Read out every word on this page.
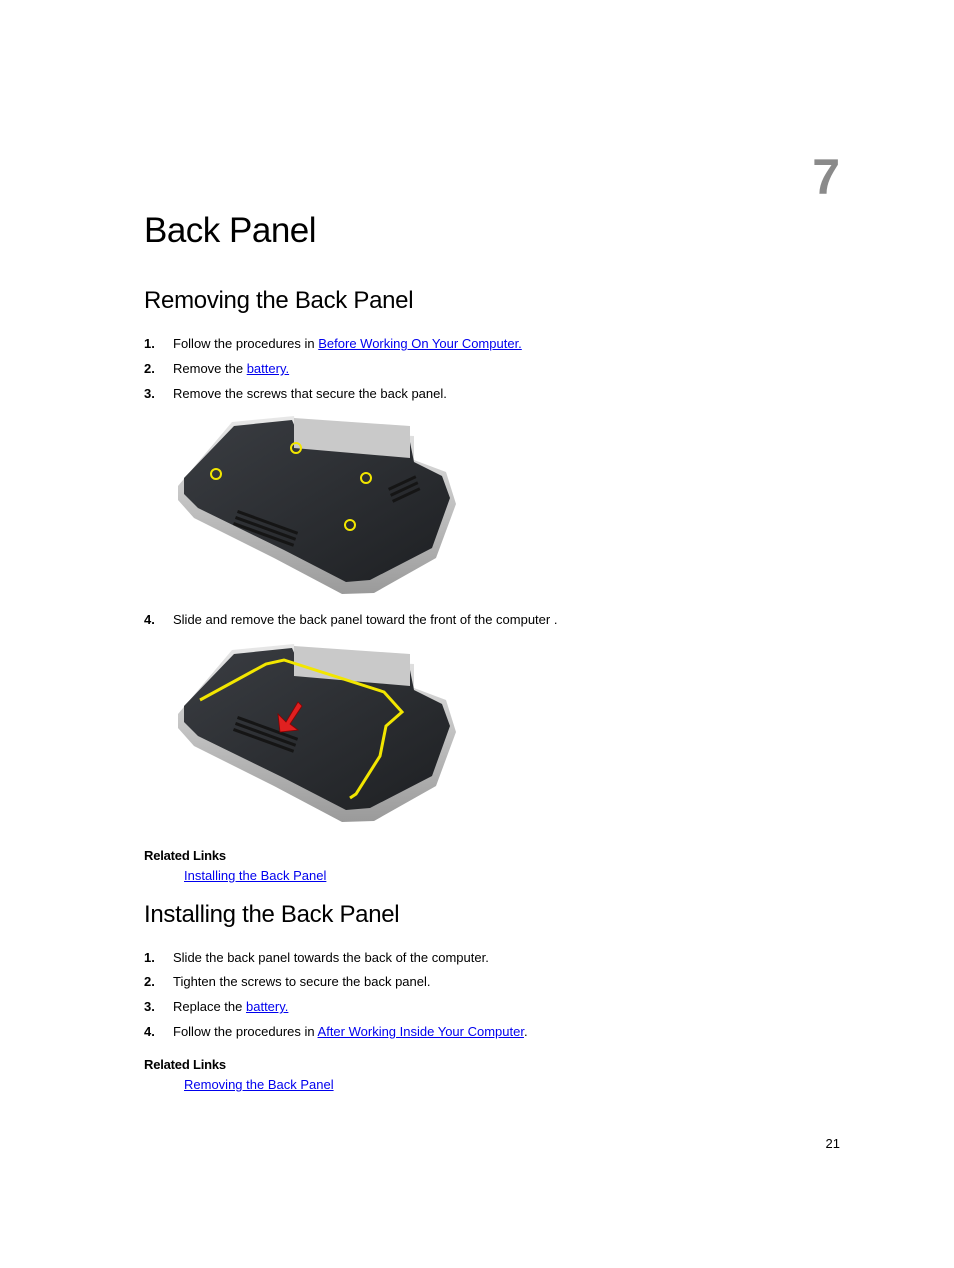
7
Back Panel
Removing the Back Panel
1. Follow the procedures in Before Working On Your Computer.
2. Remove the battery.
3. Remove the screws that secure the back panel.
4. Slide and remove the back panel toward the front of the computer .
Related Links
Installing the Back Panel
Installing the Back Panel
1. Slide the back panel towards the back of the computer.
2. Tighten the screws to secure the back panel.
3. Replace the battery.
4. Follow the procedures in After Working Inside Your Computer.
Related Links
Removing the Back Panel
21
